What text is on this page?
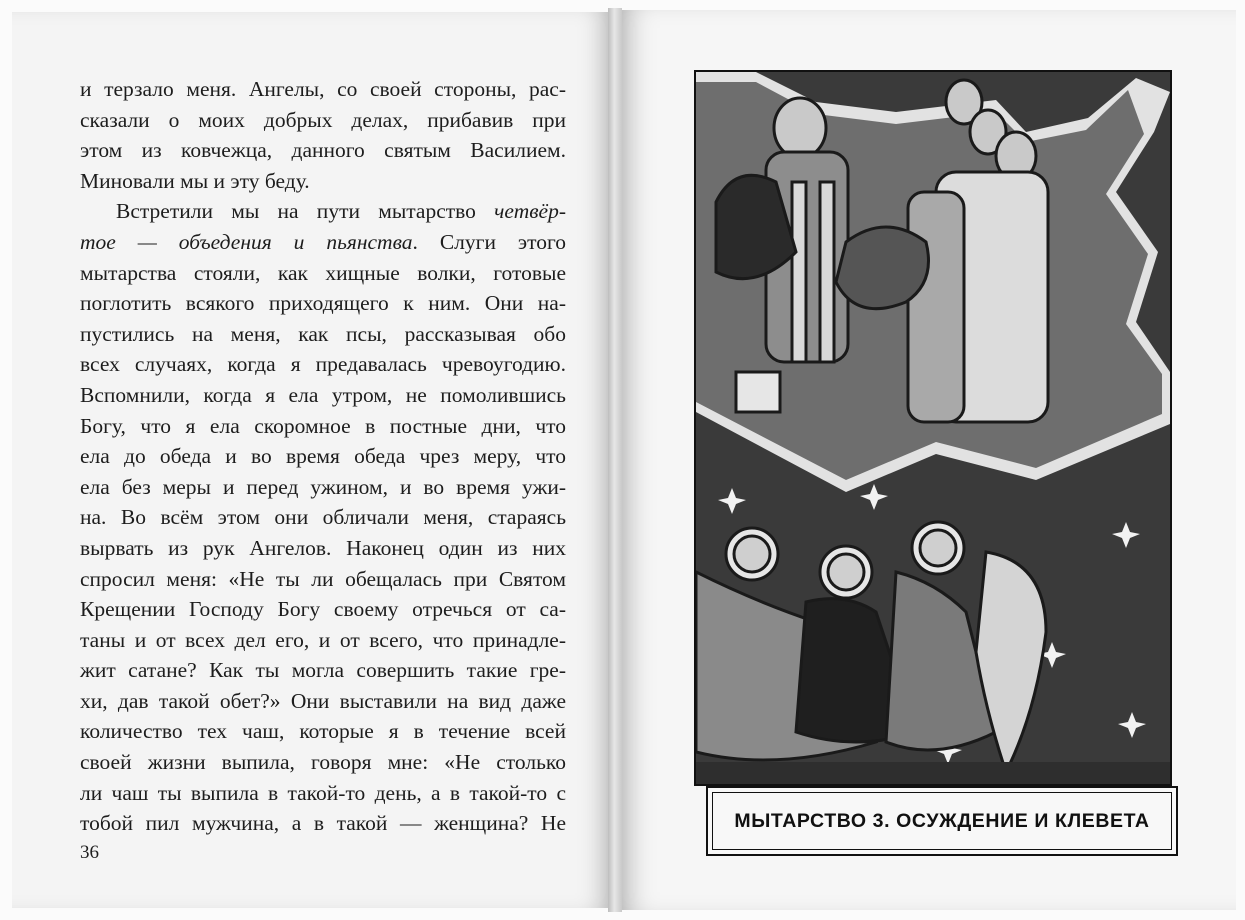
и терзало меня. Ангелы, со своей стороны, рас-
сказали о моих добрых делах, прибавив при
этом из ковчежца, данного святым Василием.
Миновали мы и эту беду.
Встретили мы на пути мытарство четвёр-
тое — объедения и пьянства. Слуги этого
мытарства стояли, как хищные волки, готовые
поглотить всякого приходящего к ним. Они на-
пустились на меня, как псы, рассказывая обо
всех случаях, когда я предавалась чревоугодию.
Вспомнили, когда я ела утром, не помолившись
Богу, что я ела скоромное в постные дни, что
ела до обеда и во время обеда чрез меру, что
ела без меры и перед ужином, и во время ужи-
на. Во всём этом они обличали меня, стараясь
вырвать из рук Ангелов. Наконец один из них
спросил меня: «Не ты ли обещалась при Святом
Крещении Господу Богу своему отречься от са-
таны и от всех дел его, и от всего, что принадле-
жит сатане? Как ты могла совершить такие гре-
хи, дав такой обет?» Они выставили на вид даже
количество тех чаш, которые я в течение всей
своей жизни выпила, говоря мне: «Не столько
ли чаш ты выпила в такой-то день, а в такой-то с
тобой пил мужчина, а в такой — женщина? Не
36
МЫТАРСТВО 3. ОСУЖДЕНИЕ И КЛЕВЕТА
